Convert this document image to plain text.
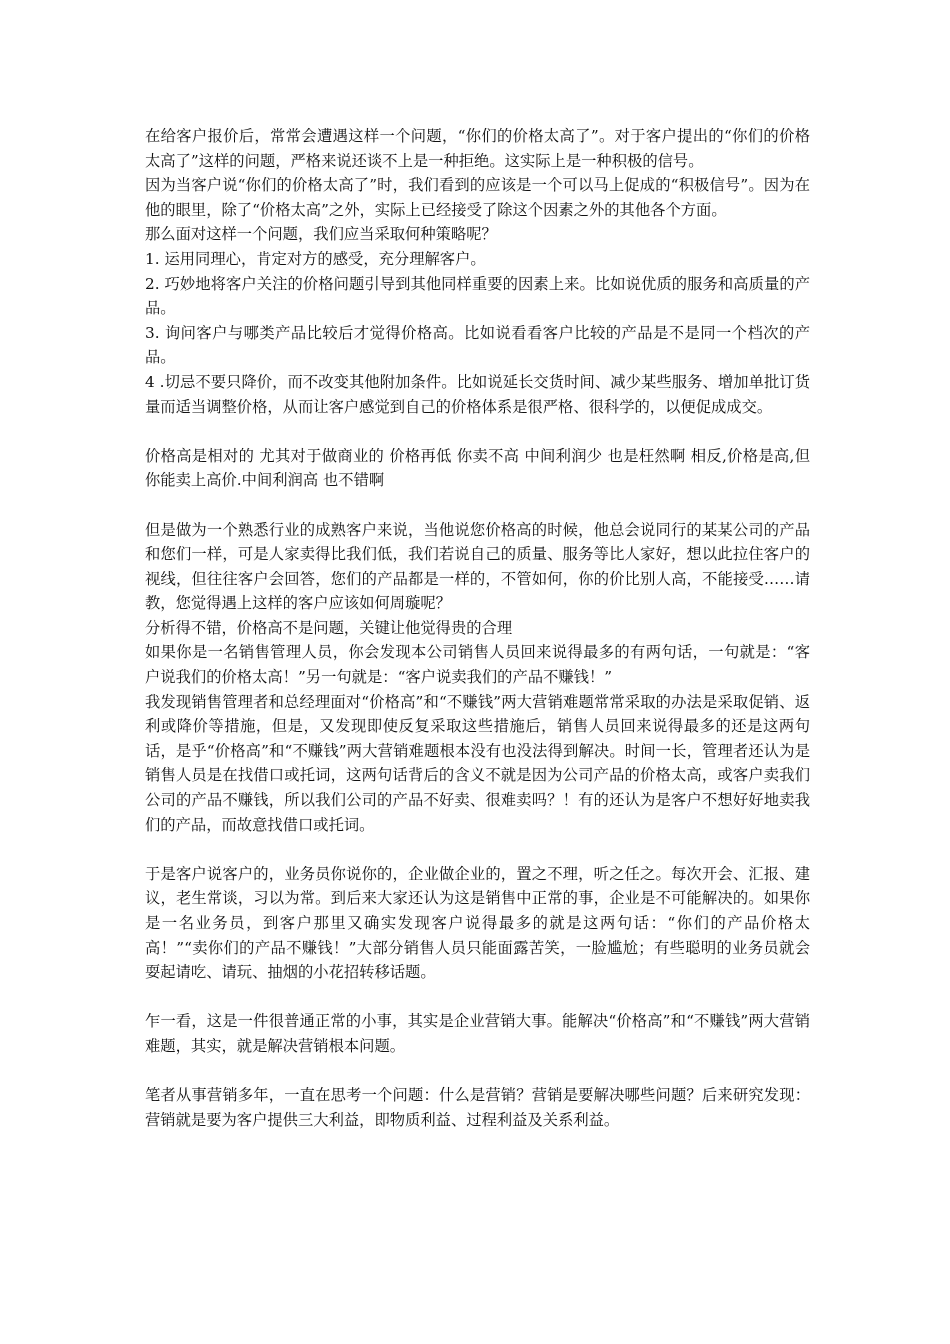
在给客户报价后，常常会遭遇这样一个问题，“你们的价格太高了”。对于客户提出的“你们的价格太高了”这样的问题，严格来说还谈不上是一种拒绝。这实际上是一种积极的信号。

因为当客户说“你们的价格太高了”时，我们看到的应该是一个可以马上促成的“积极信号”。因为在他的眼里，除了“价格太高”之外，实际上已经接受了除这个因素之外的其他各个方面。

那么面对这样一个问题，我们应当采取何种策略呢？

1. 运用同理心，肯定对方的感受，充分理解客户。

2. 巧妙地将客户关注的价格问题引导到其他同样重要的因素上来。比如说优质的服务和高质量的产品。

3. 询问客户与哪类产品比较后才觉得价格高。比如说看看客户比较的产品是不是同一个档次的产品。

4 .切忌不要只降价，而不改变其他附加条件。比如说延长交货时间、减少某些服务、增加单批订货量而适当调整价格，从而让客户感觉到自己的价格体系是很严格、很科学的，以便促成成交。

价格高是相对的 尤其对于做商业的 价格再低 你卖不高 中间利润少 也是枉然啊 相反,价格是高,但你能卖上高价.中间利润高 也不错啊

但是做为一个熟悉行业的成熟客户来说，当他说您价格高的时候，他总会说同行的某某公司的产品和您们一样，可是人家卖得比我们低，我们若说自己的质量、服务等比人家好，想以此拉住客户的视线，但往往客户会回答，您们的产品都是一样的，不管如何，你的价比别人高，不能接受……请教，您觉得遇上这样的客户应该如何周璇呢？

分析得不错，价格高不是问题，关键让他觉得贵的合理

如果你是一名销售管理人员，你会发现本公司销售人员回来说得最多的有两句话，一句就是：“客户说我们的价格太高！”另一句就是：“客户说卖我们的产品不赚钱！”

我发现销售管理者和总经理面对“价格高”和“不赚钱”两大营销难题常常采取的办法是采取促销、返利或降价等措施，但是，又发现即使反复采取这些措施后，销售人员回来说得最多的还是这两句话，是乎“价格高”和“不赚钱”两大营销难题根本没有也没法得到解决。时间一长，管理者还认为是销售人员是在找借口或托词，这两句话背后的含义不就是因为公司产品的价格太高，或客户卖我们公司的产品不赚钱，所以我们公司的产品不好卖、很难卖吗？！有的还认为是客户不想好好地卖我们的产品，而故意找借口或托词。

于是客户说客户的，业务员你说你的，企业做企业的，置之不理，听之任之。每次开会、汇报、建议，老生常谈，习以为常。到后来大家还认为这是销售中正常的事，企业是不可能解决的。如果你是一名业务员，到客户那里又确实发现客户说得最多的就是这两句话：“你们的产品价格太高！”“卖你们的产品不赚钱！”大部分销售人员只能面露苦笑，一脸尴尬；有些聪明的业务员就会耍起请吃、请玩、抽烟的小花招转移话题。

乍一看，这是一件很普通正常的小事，其实是企业营销大事。能解决“价格高”和“不赚钱”两大营销难题，其实，就是解决营销根本问题。

笔者从事营销多年，一直在思考一个问题：什么是营销？营销是要解决哪些问题？后来研究发现：营销就是要为客户提供三大利益，即物质利益、过程利益及关系利益。
